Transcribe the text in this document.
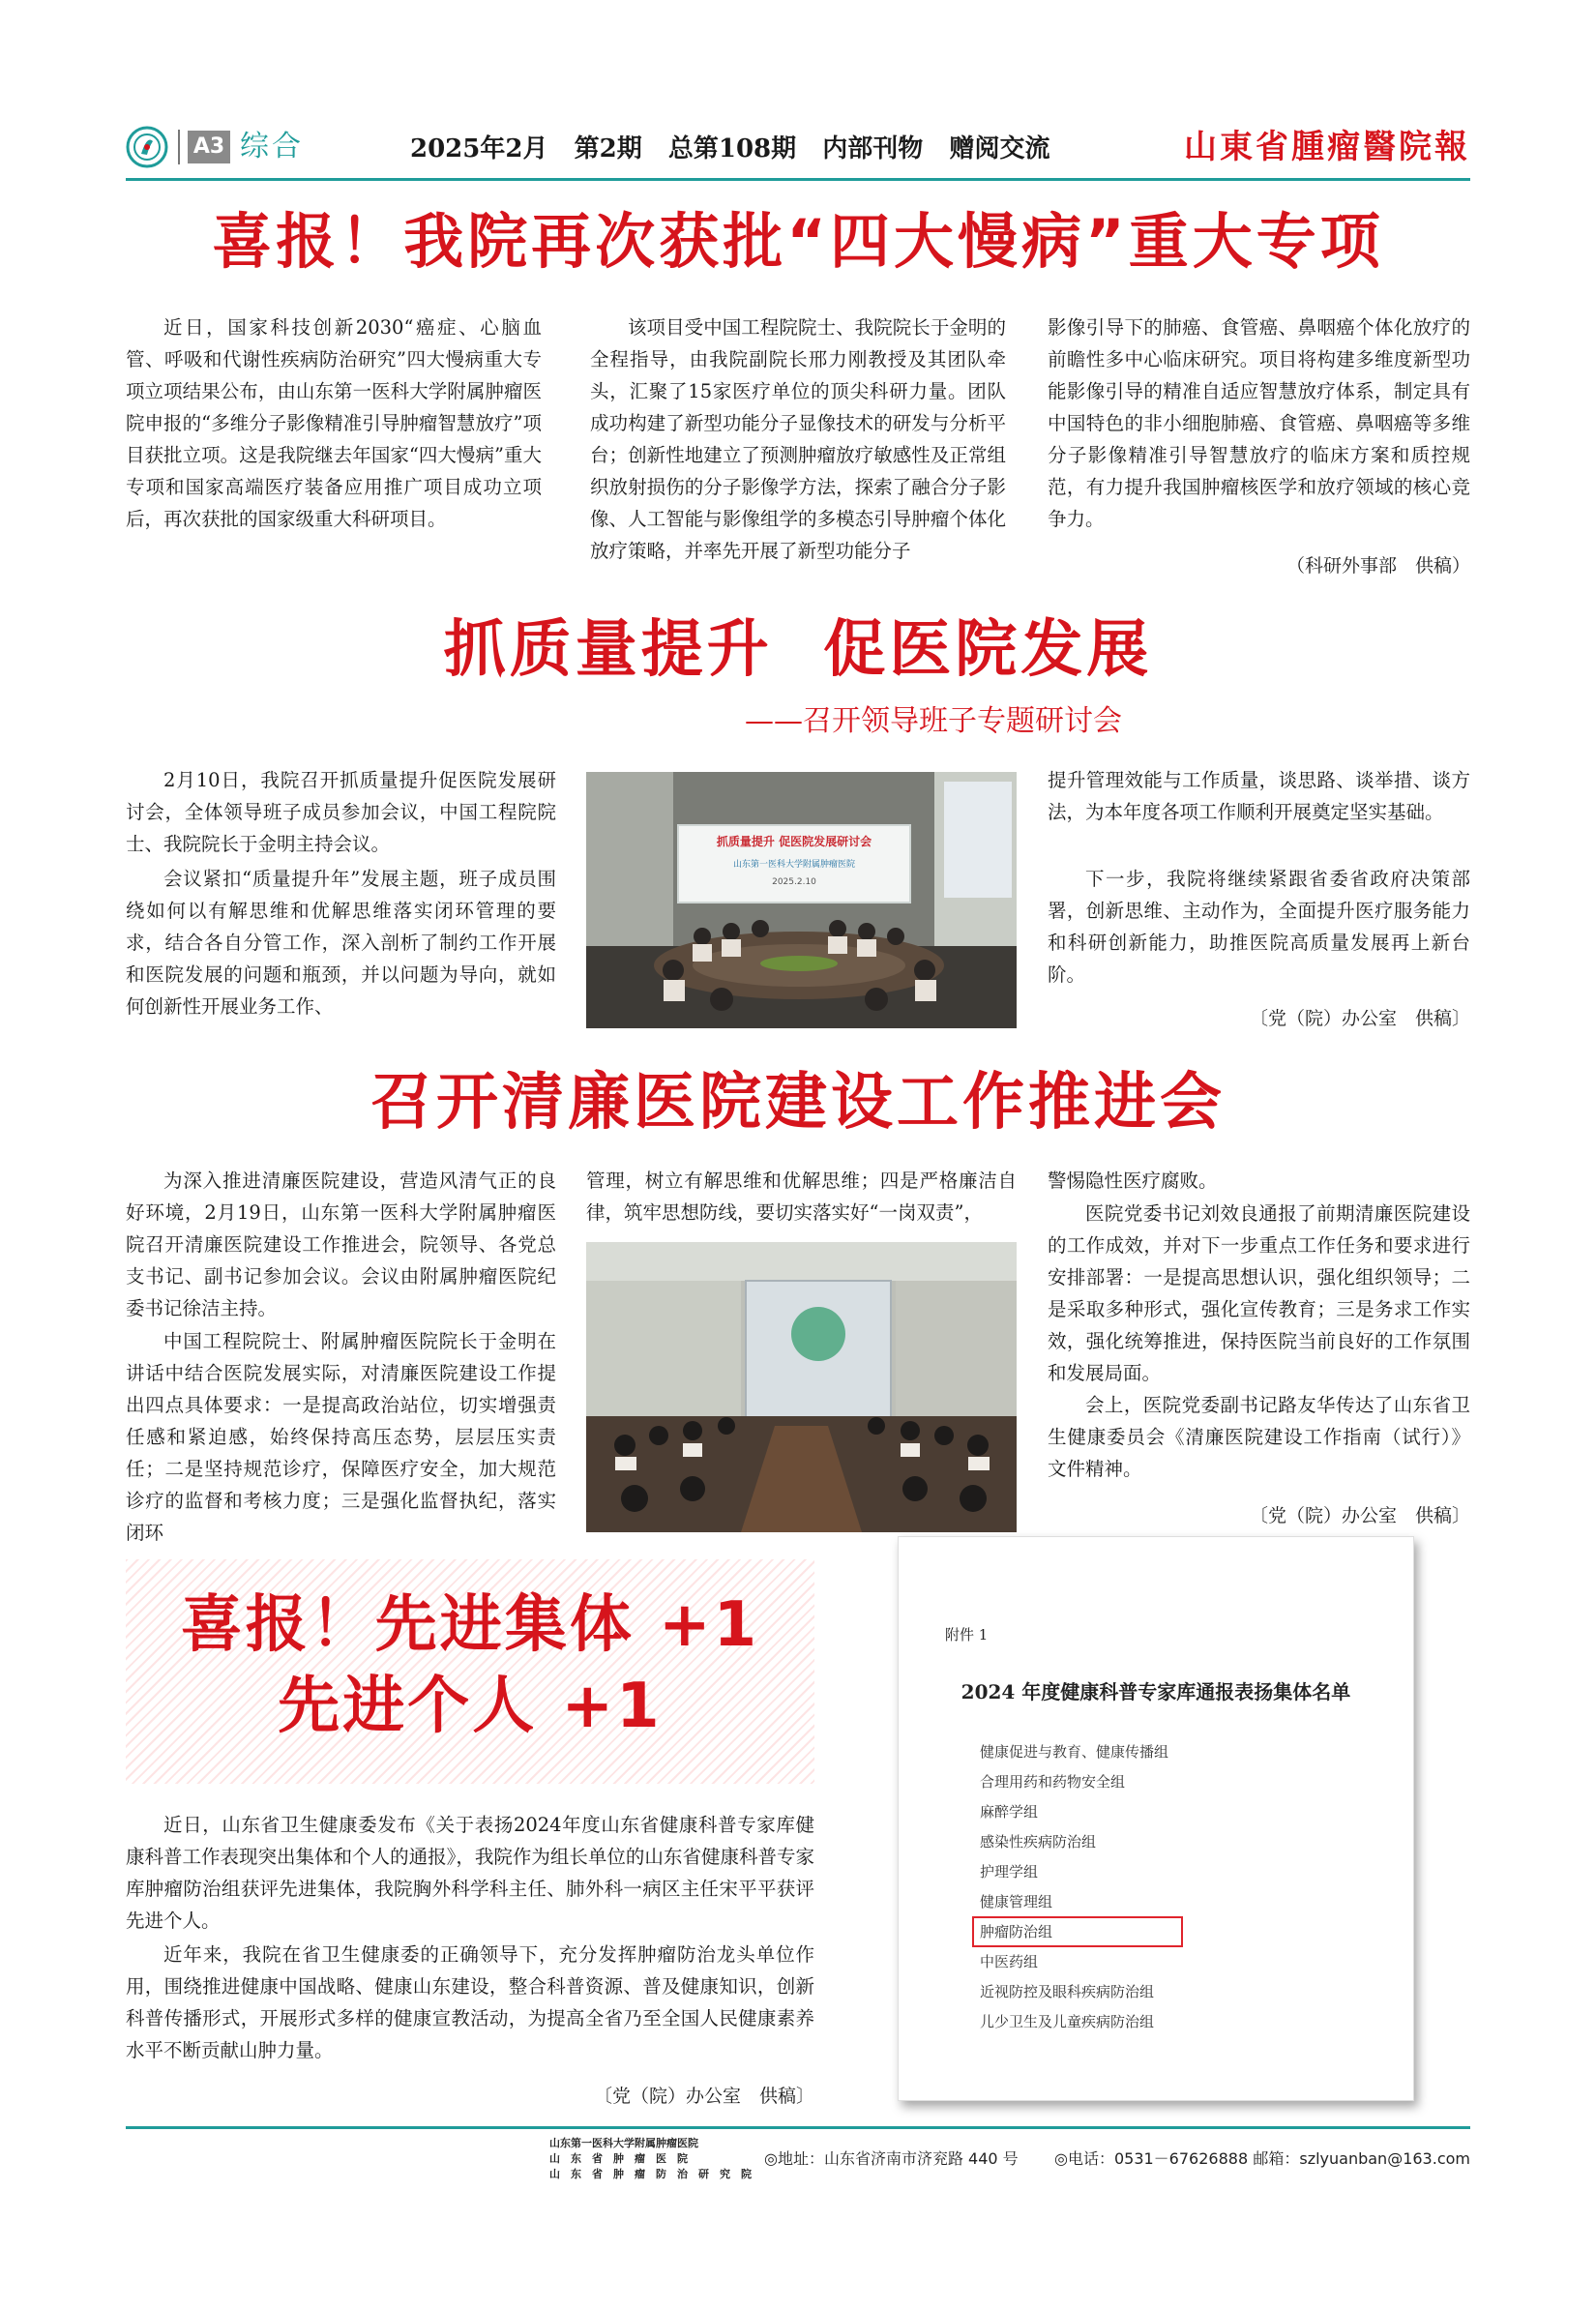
A3 综合	2025年2月   第2期   总第108期   内部刊物   赠阅交流	山東省腫瘤醫院報
喜报！我院再次获批“四大慢病”重大专项

近日，国家科技创新2030“癌症、心脑血管、呼吸和代谢性疾病防治研究”四大慢病重大专项立项结果公布，由山东第一医科大学附属肿瘤医院申报的“多维分子影像精准引导肿瘤智慧放疗”项目获批立项。这是我院继去年国家“四大慢病”重大专项和国家高端医疗装备应用推广项目成功立项后，再次获批的国家级重大科研项目。

该项目受中国工程院院士、我院院长于金明的全程指导，由我院副院长邢力刚教授及其团队牵头，汇聚了15家医疗单位的顶尖科研力量。团队成功构建了新型功能分子显像技术的研发与分析平台；创新性地建立了预测肿瘤放疗敏感性及正常组织放射损伤的分子影像学方法，探索了融合分子影像、人工智能与影像组学的多模态引导肿瘤个体化放疗策略，并率先开展了新型功能分子

影像引导下的肺癌、食管癌、鼻咽癌个体化放疗的前瞻性多中心临床研究。项目将构建多维度新型功能影像引导的精准自适应智慧放疗体系，制定具有中国特色的非小细胞肺癌、食管癌、鼻咽癌等多维分子影像精准引导智慧放疗的临床方案和质控规范，有力提升我国肿瘤核医学和放疗领域的核心竞争力。

（科研外事部　供稿）

抓质量提升  促医院发展
——召开领导班子专题研讨会

2月10日，我院召开抓质量提升促医院发展研讨会，全体领导班子成员参加会议，中国工程院院士、我院院长于金明主持会议。

会议紧扣“质量提升年”发展主题，班子成员围绕如何以有解思维和优解思维落实闭环管理的要求，结合各自分管工作，深入剖析了制约工作开展和医院发展的问题和瓶颈，并以问题为导向，就如何创新性开展业务工作、

抓质量提升 促医院发展研讨会
山东第一医科大学附属肿瘤医院
2025.2.10

提升管理效能与工作质量，谈思路、谈举措、谈方法，为本年度各项工作顺利开展奠定坚实基础。

下一步，我院将继续紧跟省委省政府决策部署，创新思维、主动作为，全面提升医疗服务能力和科研创新能力，助推医院高质量发展再上新台阶。

〔党（院）办公室　供稿〕

召开清廉医院建设工作推进会

为深入推进清廉医院建设，营造风清气正的良好环境，2月19日，山东第一医科大学附属肿瘤医院召开清廉医院建设工作推进会，院领导、各党总支书记、副书记参加会议。会议由附属肿瘤医院纪委书记徐洁主持。

中国工程院院士、附属肿瘤医院院长于金明在讲话中结合医院发展实际，对清廉医院建设工作提出四点具体要求：一是提高政治站位，切实增强责任感和紧迫感，始终保持高压态势，层层压实责任；二是坚持规范诊疗，保障医疗安全，加大规范诊疗的监督和考核力度；三是强化监督执纪，落实闭环

管理，树立有解思维和优解思维；四是严格廉洁自律，筑牢思想防线，要切实落实好“一岗双责”，

警惕隐性医疗腐败。

医院党委书记刘效良通报了前期清廉医院建设的工作成效，并对下一步重点工作任务和要求进行安排部署：一是提高思想认识，强化组织领导；二是采取多种形式，强化宣传教育；三是务求工作实效，强化统筹推进，保持医院当前良好的工作氛围和发展局面。

会上，医院党委副书记路友华传达了山东省卫生健康委员会《清廉医院建设工作指南（试行）》文件精神。

〔党（院）办公室　供稿〕

喜报！先进集体 +1
先进个人 +1

近日，山东省卫生健康委发布《关于表扬2024年度山东省健康科普专家库健康科普工作表现突出集体和个人的通报》，我院作为组长单位的山东省健康科普专家库肿瘤防治组获评先进集体，我院胸外科学科主任、肺外科一病区主任宋平平获评先进个人。

近年来，我院在省卫生健康委的正确领导下，充分发挥肿瘤防治龙头单位作用，围绕推进健康中国战略、健康山东建设，整合科普资源、普及健康知识，创新科普传播形式，开展形式多样的健康宣教活动，为提高全省乃至全国人民健康素养水平不断贡献山肿力量。

〔党（院）办公室　供稿〕

附件 1
2024 年度健康科普专家库通报表扬集体名单
健康促进与教育、健康传播组
合理用药和药物安全组
麻醉学组
感染性疾病防治组
护理学组
健康管理组
肿瘤防治组
中医药组
近视防控及眼科疾病防治组
儿少卫生及儿童疾病防治组
山东第一医科大学附属肿瘤医院
山　东　省　肿　瘤　医　院
山　东　省　肿　瘤　防　治　研　究　院
◎地址：山东省济南市济兖路 440 号 ◎电话：0531－67626888 邮箱：szlyuanban@163.com
